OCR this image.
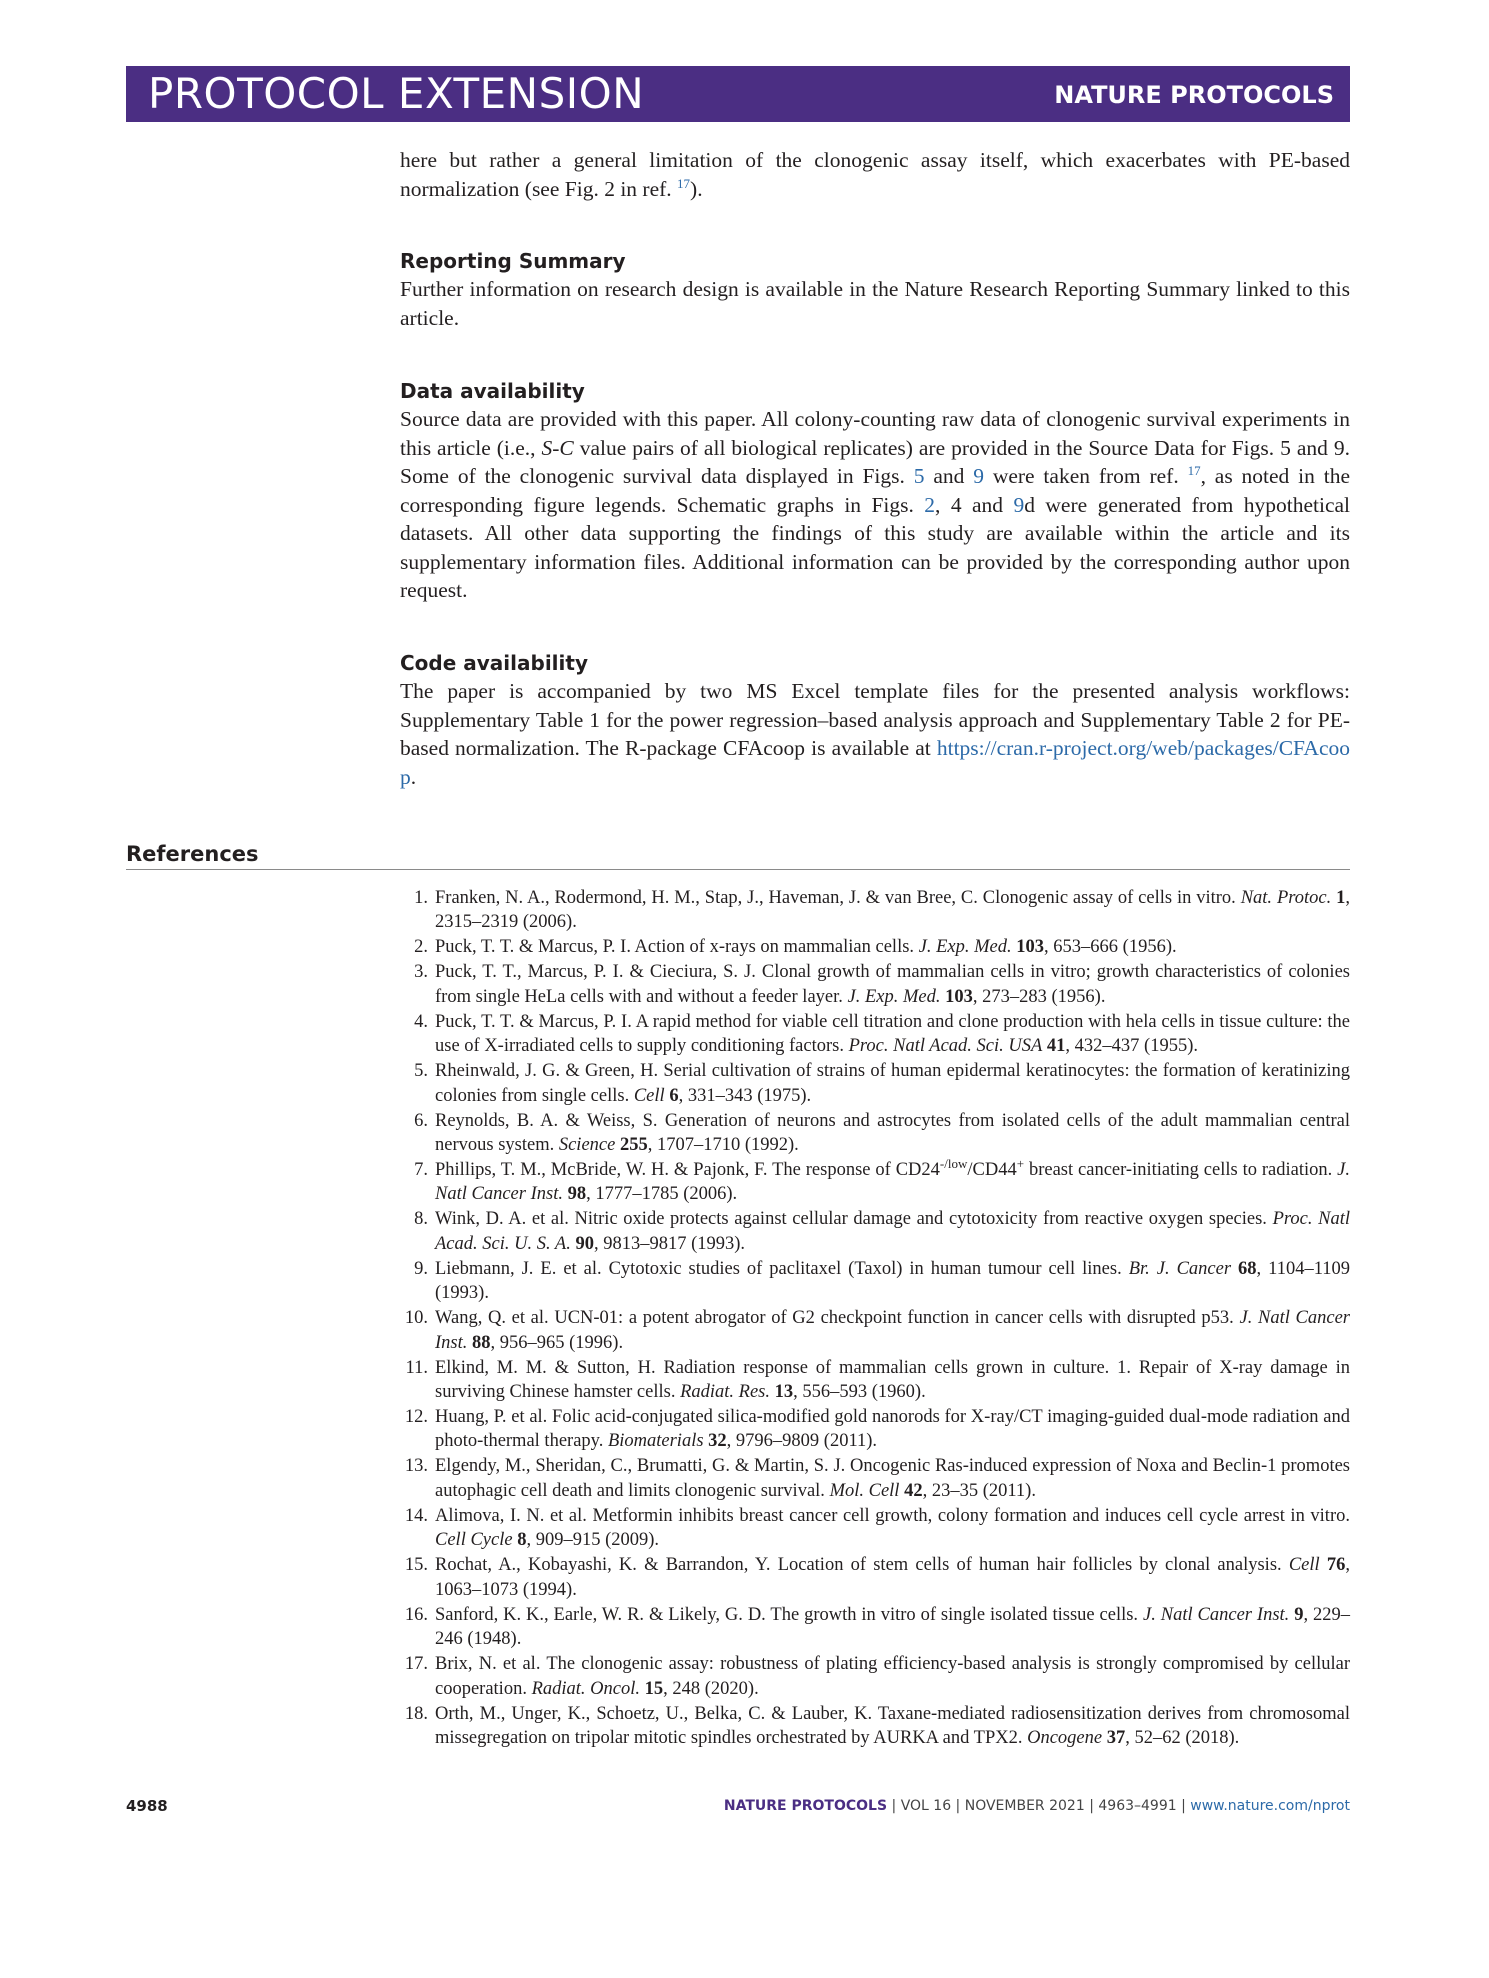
PROTOCOL EXTENSION	NATURE PROTOCOLS

here but rather a general limitation of the clonogenic assay itself, which exacerbates with PE-based normalization (see Fig. 2 in ref. $^{17}$).

Reporting Summary

Further information on research design is available in the Nature Research Reporting Summary linked to this article.

Data availability

Source data are provided with this paper. All colony-counting raw data of clonogenic survival experiments in this article (i.e., S-C value pairs of all biological replicates) are provided in the Source Data for Figs. 5 and 9. Some of the clonogenic survival data displayed in Figs. 5 and 9 were taken from ref. $^{17}$, as noted in the corresponding figure legends. Schematic graphs in Figs. 2, 4 and 9d were generated from hypothetical datasets. All other data supporting the findings of this study are available within the article and its supplementary information files. Additional information can be provided by the corresponding author upon request.

Code availability

The paper is accompanied by two MS Excel template files for the presented analysis workflows: Supplementary Table 1 for the power regression–based analysis approach and Supplementary Table 2 for PE-based normalization. The R-package CFAcoop is available at https://cran.r-project.org/web/packages/CFAcoop.

References
1. Franken, N. A., Rodermond, H. M., Stap, J., Haveman, J. & van Bree, C. Clonogenic assay of cells in vitro. Nat. Protoc. 1, 2315–2319 (2006).
2. Puck, T. T. & Marcus, P. I. Action of x-rays on mammalian cells. J. Exp. Med. 103, 653–666 (1956).
3. Puck, T. T., Marcus, P. I. & Cieciura, S. J. Clonal growth of mammalian cells in vitro; growth characteristics of colonies from single HeLa cells with and without a feeder layer. J. Exp. Med. 103, 273–283 (1956).
4. Puck, T. T. & Marcus, P. I. A rapid method for viable cell titration and clone production with hela cells in tissue culture: the use of X-irradiated cells to supply conditioning factors. Proc. Natl Acad. Sci. USA 41, 432–437 (1955).
5. Rheinwald, J. G. & Green, H. Serial cultivation of strains of human epidermal keratinocytes: the formation of keratinizing colonies from single cells. Cell 6, 331–343 (1975).
6. Reynolds, B. A. & Weiss, S. Generation of neurons and astrocytes from isolated cells of the adult mammalian central nervous system. Science 255, 1707–1710 (1992).
7. Phillips, T. M., McBride, W. H. & Pajonk, F. The response of $CD24^{-/low}/CD44^+$ breast cancer-initiating cells to radiation. J. Natl Cancer Inst. 98, 1777–1785 (2006).
8. Wink, D. A. et al. Nitric oxide protects against cellular damage and cytotoxicity from reactive oxygen species. Proc. Natl Acad. Sci. U. S. A. 90, 9813–9817 (1993).
9. Liebmann, J. E. et al. Cytotoxic studies of paclitaxel (Taxol) in human tumour cell lines. Br. J. Cancer 68, 1104–1109 (1993).
10. Wang, Q. et al. UCN-01: a potent abrogator of G2 checkpoint function in cancer cells with disrupted p53. J. Natl Cancer Inst. 88, 956–965 (1996).
11. Elkind, M. M. & Sutton, H. Radiation response of mammalian cells grown in culture. 1. Repair of X-ray damage in surviving Chinese hamster cells. Radiat. Res. 13, 556–593 (1960).
12. Huang, P. et al. Folic acid-conjugated silica-modified gold nanorods for X-ray/CT imaging-guided dual-mode radiation and photo-thermal therapy. Biomaterials 32, 9796–9809 (2011).
13. Elgendy, M., Sheridan, C., Brumatti, G. & Martin, S. J. Oncogenic Ras-induced expression of Noxa and Beclin-1 promotes autophagic cell death and limits clonogenic survival. Mol. Cell 42, 23–35 (2011).
14. Alimova, I. N. et al. Metformin inhibits breast cancer cell growth, colony formation and induces cell cycle arrest in vitro. Cell Cycle 8, 909–915 (2009).
15. Rochat, A., Kobayashi, K. & Barrandon, Y. Location of stem cells of human hair follicles by clonal analysis. Cell 76, 1063–1073 (1994).
16. Sanford, K. K., Earle, W. R. & Likely, G. D. The growth in vitro of single isolated tissue cells. J. Natl Cancer Inst. 9, 229–246 (1948).
17. Brix, N. et al. The clonogenic assay: robustness of plating efficiency-based analysis is strongly compromised by cellular cooperation. Radiat. Oncol. 15, 248 (2020).
18. Orth, M., Unger, K., Schoetz, U., Belka, C. & Lauber, K. Taxane-mediated radiosensitization derives from chromosomal missegregation on tripolar mitotic spindles orchestrated by AURKA and TPX2. Oncogene 37, 52–62 (2018).
4988	NATURE PROTOCOLS | VOL 16 | NOVEMBER 2021 | 4963–4991 | www.nature.com/nprot
